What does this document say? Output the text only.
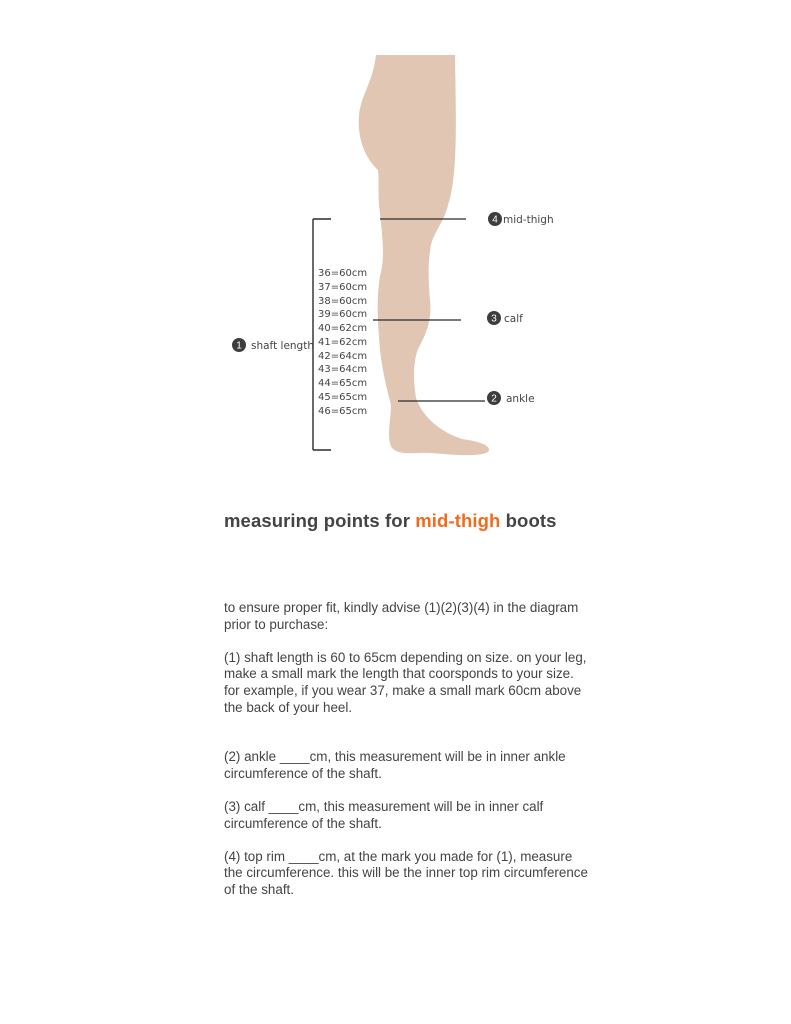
4 mid-thigh
3 calf
2 ankle
1 shaft length
36=60cm
37=60cm
38=60cm
39=60cm
40=62cm
41=62cm
42=64cm
43=64cm
44=65cm
45=65cm
46=65cm
measuring points for mid-thigh boots

to ensure proper fit, kindly advise (1)(2)(3)(4) in the diagram prior to purchase:

(1) shaft length is 60 to 65cm depending on size. on your leg, make a small mark the length that coorsponds to your size. for example, if you wear 37, make a small mark 60cm above the back of your heel.

(2) ankle ____cm, this measurement will be in inner ankle circumference of the shaft.

(3) calf ____cm, this measurement will be in inner calf circumference of the shaft.

(4) top rim ____cm, at the mark you made for (1), measure the circumference. this will be the inner top rim circumference of the shaft.
